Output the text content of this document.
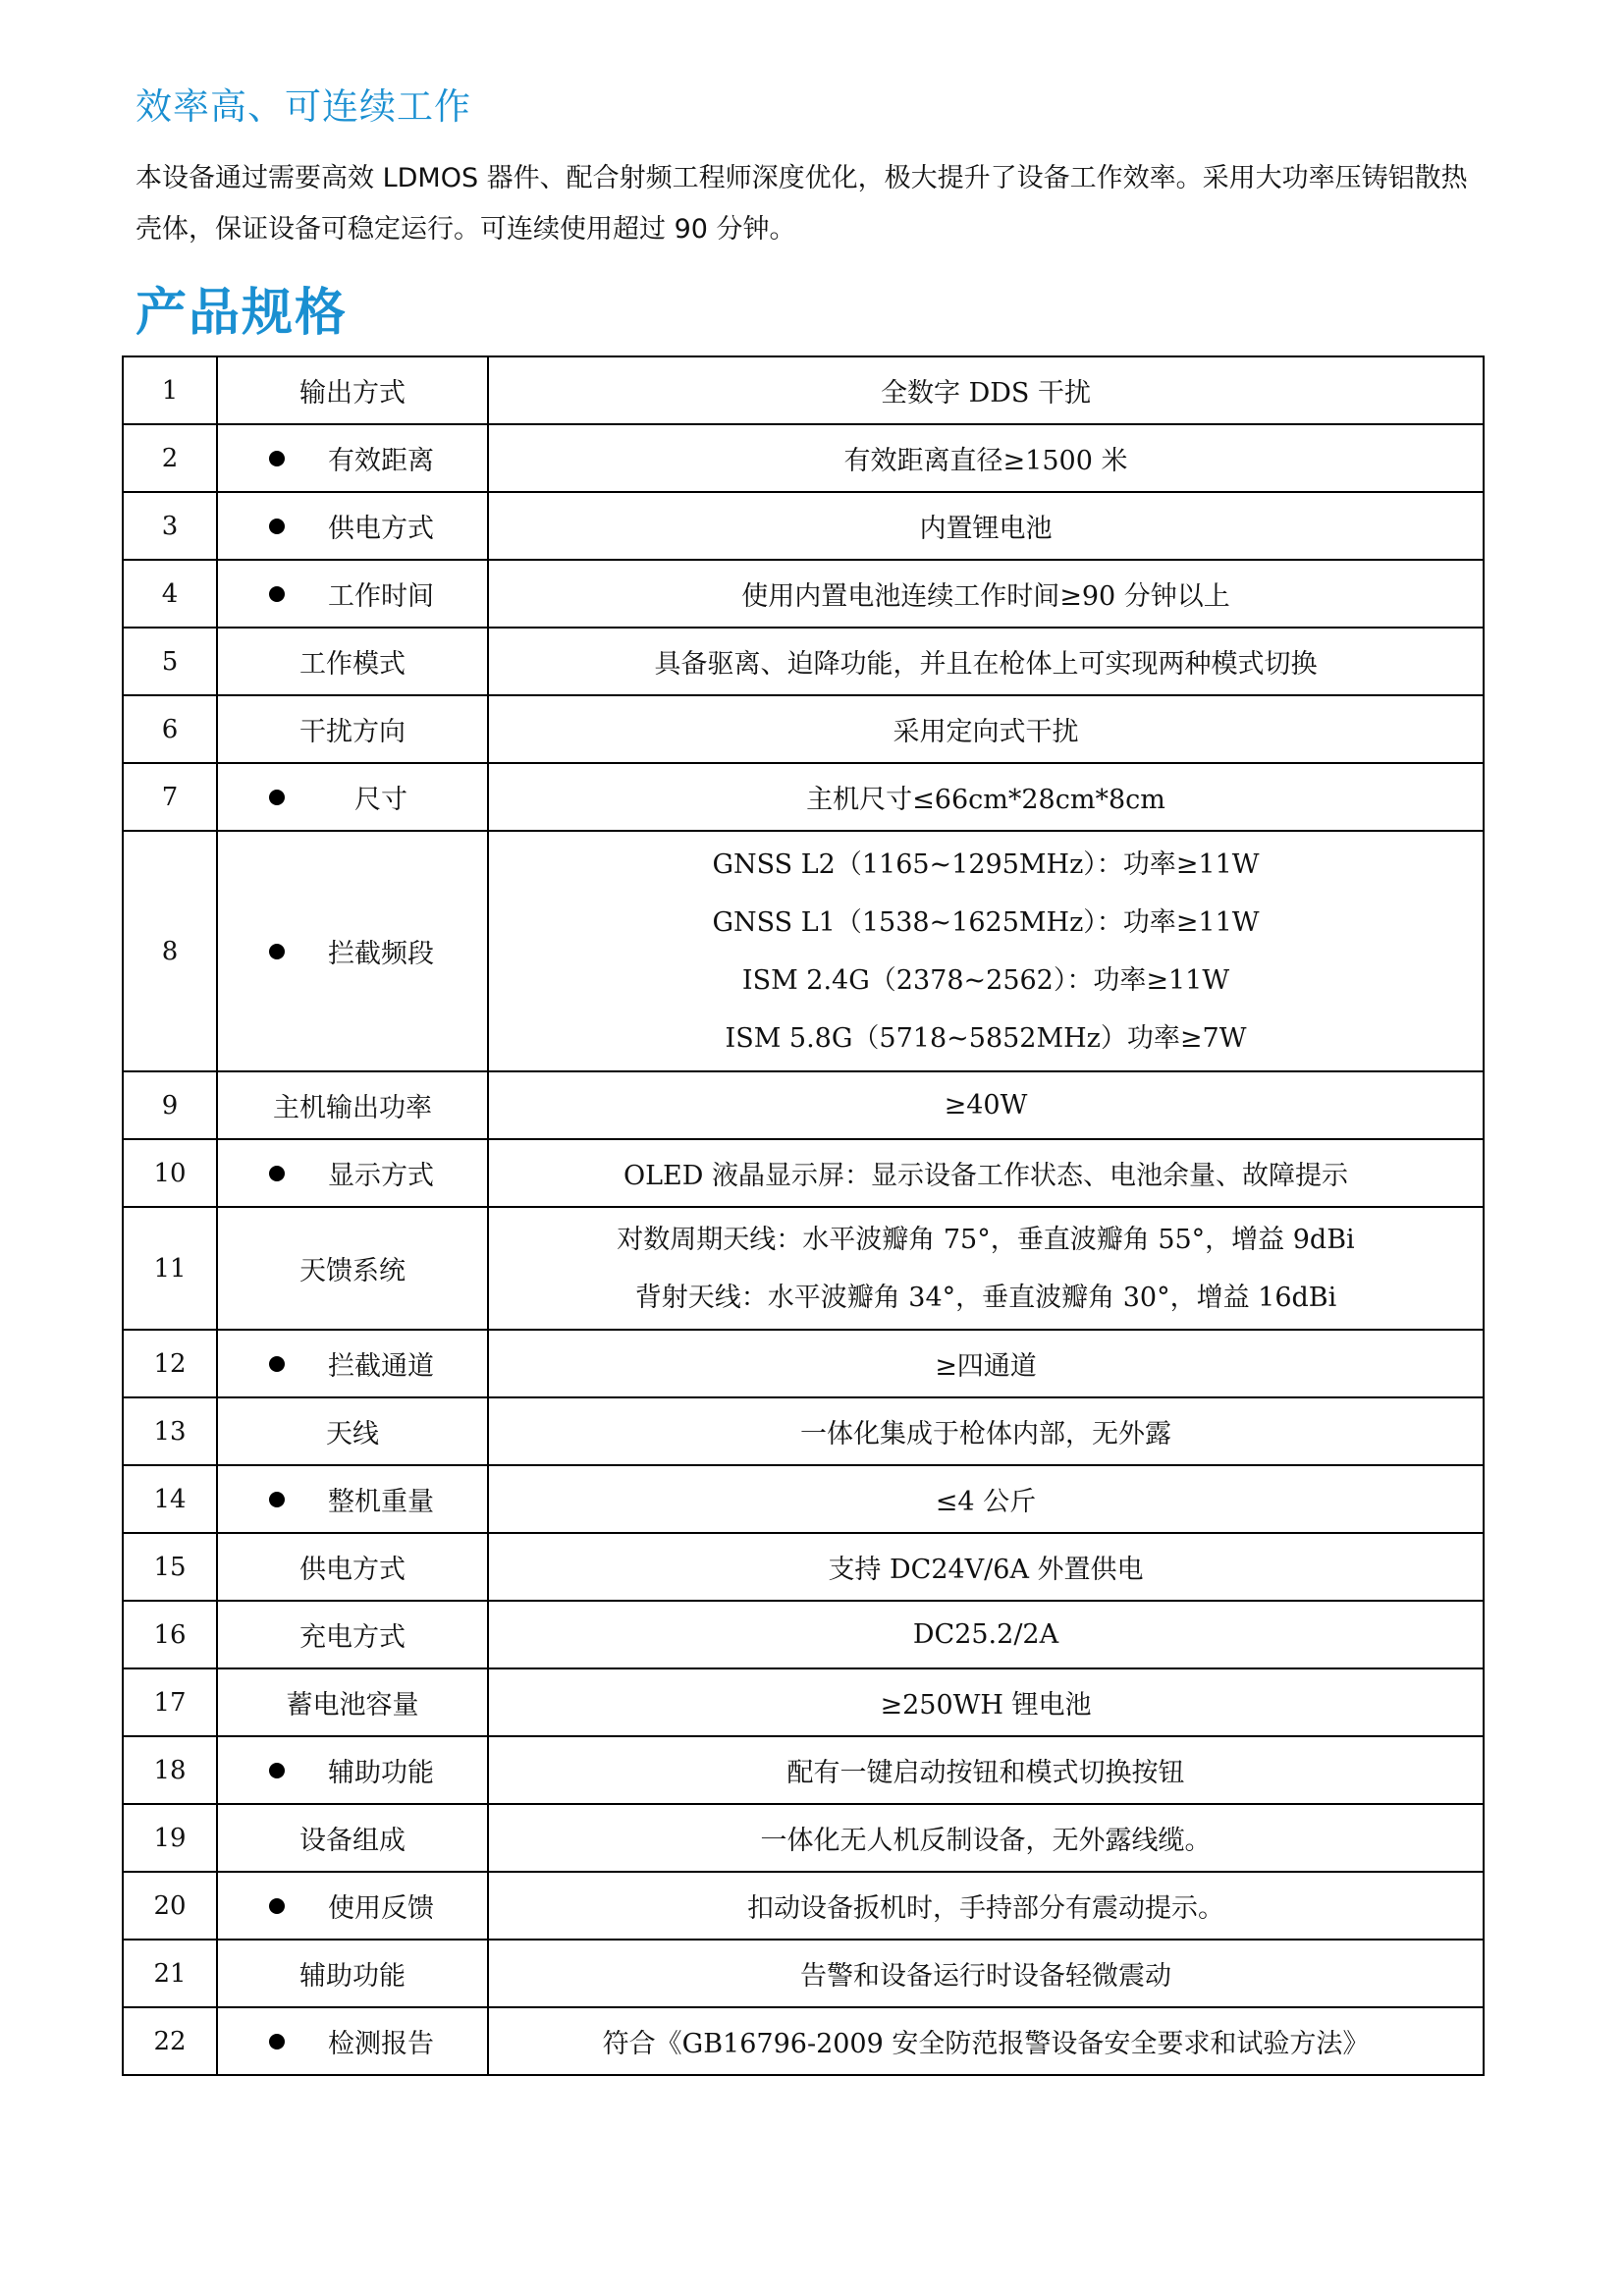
效率高、可连续工作
本设备通过需要高效 LDMOS 器件、配合射频工程师深度优化，极大提升了设备工作效率。采用大功率压铸铝散热壳体，保证设备可稳定运行。可连续使用超过 90 分钟。
产品规格
1	输出方式	全数字 DDS 干扰

2	有效距离	有效距离直径≥1500 米

3	供电方式	内置锂电池

4	工作时间	使用内置电池连续工作时间≥90 分钟以上

5	工作模式	具备驱离、迫降功能，并且在枪体上可实现两种模式切换

6	干扰方向	采用定向式干扰

7	尺寸	主机尺寸≤66cm*28cm*8cm

8	拦截频段	GNSS L2（1165~1295MHz）：功率≥11W
GNSS L1（1538~1625MHz）：功率≥11W
ISM 2.4G（2378~2562）：功率≥11W
ISM 5.8G（5718~5852MHz）功率≥7W

9	主机输出功率	≥40W

10	显示方式	OLED 液晶显示屏：显示设备工作状态、电池余量、故障提示

11	天馈系统	对数周期天线：水平波瓣角 75°，垂直波瓣角 55°，增益 9dBi
背射天线：水平波瓣角 34°，垂直波瓣角 30°，增益 16dBi

12	拦截通道	≥四通道

13	天线	一体化集成于枪体内部，无外露

14	整机重量	≤4 公斤

15	供电方式	支持 DC24V/6A 外置供电

16	充电方式	DC25.2/2A

17	蓄电池容量	≥250WH 锂电池

18	辅助功能	配有一键启动按钮和模式切换按钮

19	设备组成	一体化无人机反制设备，无外露线缆。

20	使用反馈	扣动设备扳机时，手持部分有震动提示。

21	辅助功能	告警和设备运行时设备轻微震动

22	检测报告	符合《GB16796-2009 安全防范报警设备安全要求和试验方法》
